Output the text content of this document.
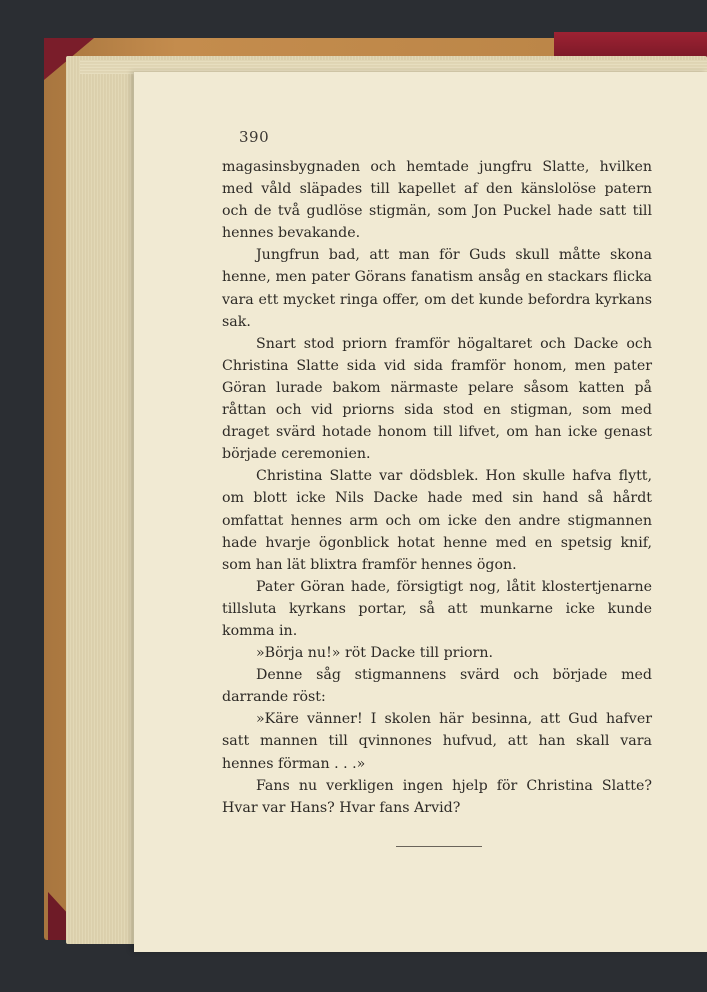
390

magasinsbygnaden och hemtade jungfru Slatte, hvilken med våld släpades till kapellet af den känslolöse patern och de två gudlöse stigmän, som Jon Puckel hade satt till hennes bevakande.

Jungfrun bad, att man för Guds skull måtte skona henne, men pater Görans fanatism ansåg en stackars flicka vara ett mycket ringa offer, om det kunde befordra kyrkans sak.

Snart stod priorn framför högaltaret och Dacke och Christina Slatte sida vid sida framför honom, men pater Göran lurade bakom närmaste pelare såsom katten på råttan och vid priorns sida stod en stigman, som med draget svärd hotade honom till lifvet, om han icke genast började ceremonien.

Christina Slatte var dödsblek. Hon skulle hafva flytt, om blott icke Nils Dacke hade med sin hand så hårdt omfattat hennes arm och om icke den andre stigmannen hade hvarje ögonblick hotat henne med en spetsig knif, som han lät blixtra framför hennes ögon.

Pater Göran hade, försigtigt nog, låtit klostertjenarne tillsluta kyrkans portar, så att munkarne icke kunde komma in.

»Börja nu!» röt Dacke till priorn.

Denne såg stigmannens svärd och började med darrande röst:

»Käre vänner! I skolen här besinna, att Gud hafver satt mannen till qvinnones hufvud, att han skall vara hennes förman . . .»

Fans nu verkligen ingen hjelp för Christina Slatte? Hvar var Hans? Hvar fans Arvid?
